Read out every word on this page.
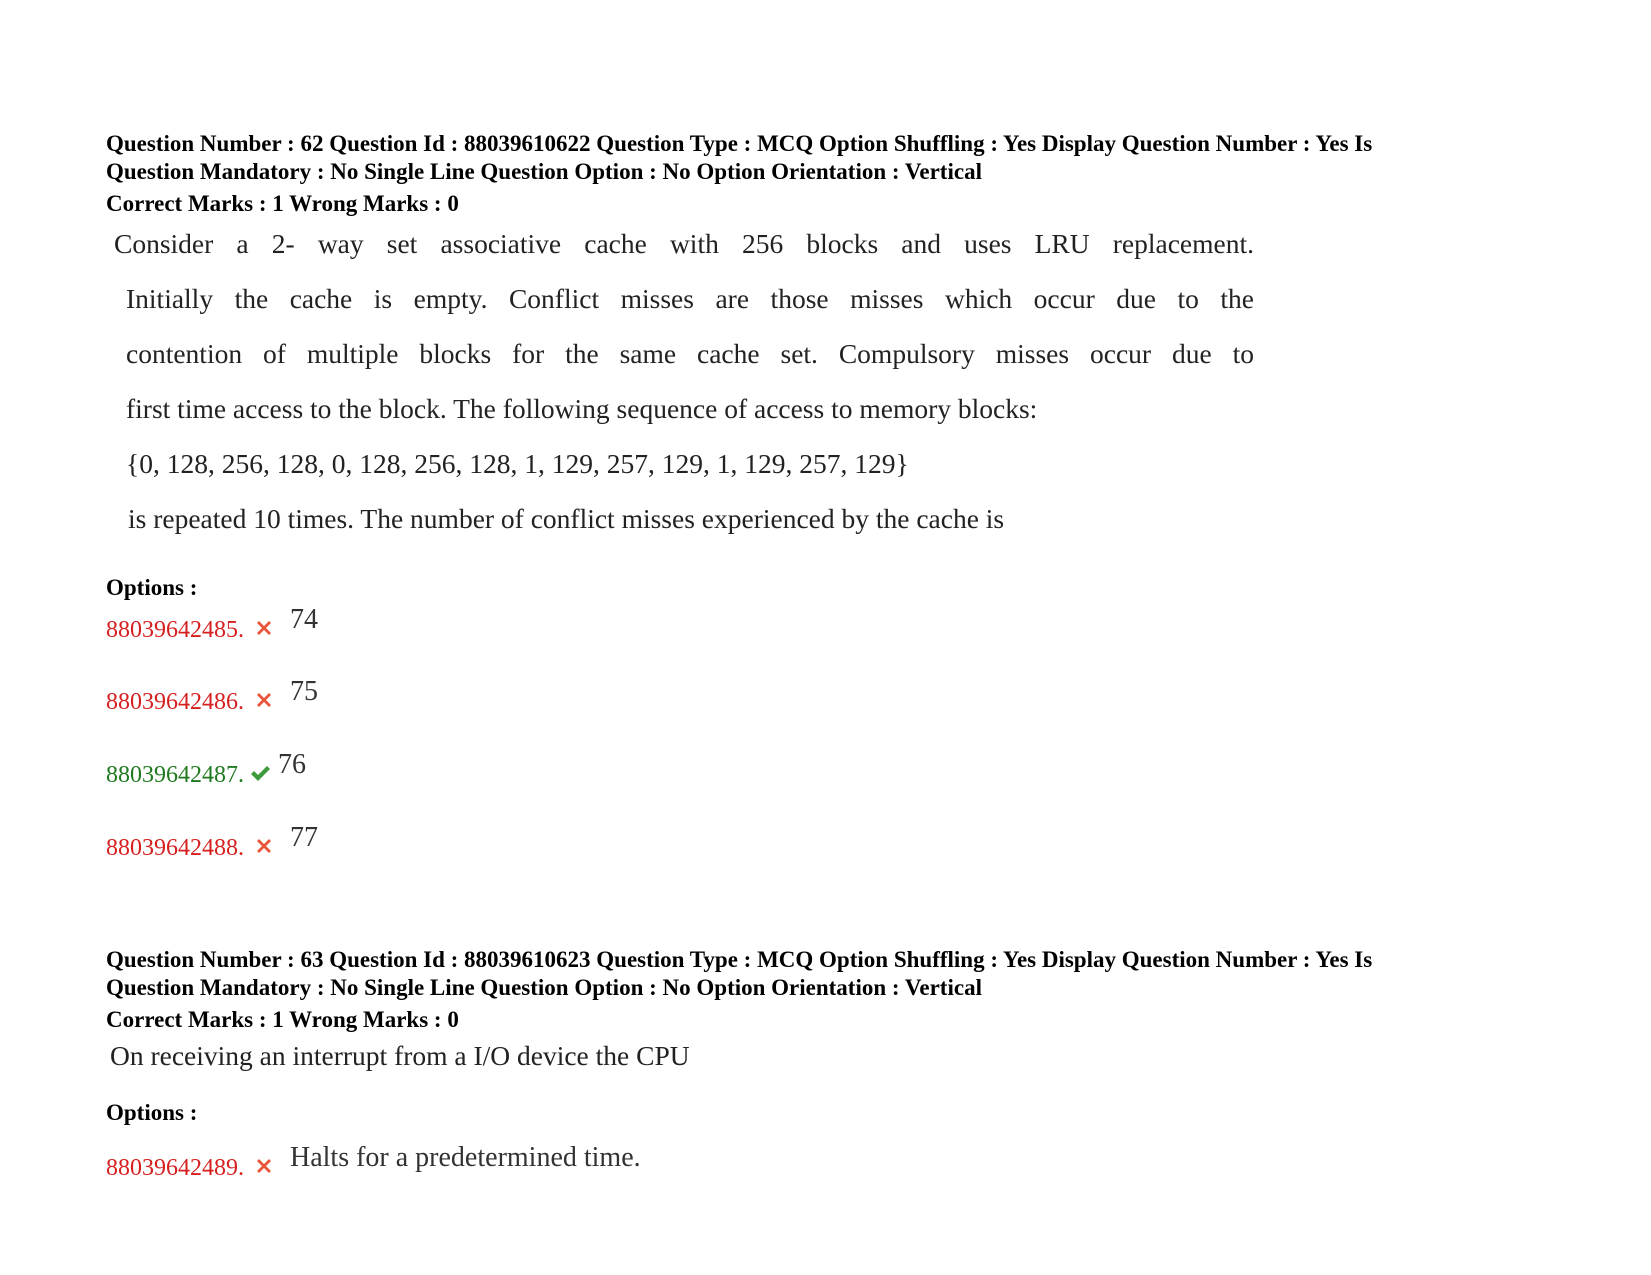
Question Number : 62 Question Id : 88039610622 Question Type : MCQ Option Shuffling : Yes Display Question Number : Yes Is
Question Mandatory : No Single Line Question Option : No Option Orientation : Vertical
Correct Marks : 1 Wrong Marks : 0
Consider a 2- way set associative cache with 256 blocks and uses LRU replacement.
Initially the cache is empty. Conflict misses are those misses which occur due to the
contention of multiple blocks for the same cache set. Compulsory misses occur due to
first time access to the block. The following sequence of access to memory blocks:
{0, 128, 256, 128, 0, 128, 256, 128, 1, 129, 257, 129, 1, 129, 257, 129}
is repeated 10 times. The number of conflict misses experienced by the cache is
Options :
88039642485. 74
88039642486. 75
88039642487. 76
88039642488. 77
Question Number : 63 Question Id : 88039610623 Question Type : MCQ Option Shuffling : Yes Display Question Number : Yes Is
Question Mandatory : No Single Line Question Option : No Option Orientation : Vertical
Correct Marks : 1 Wrong Marks : 0
On receiving an interrupt from a I/O device the CPU
Options :
88039642489. Halts for a predetermined time.
